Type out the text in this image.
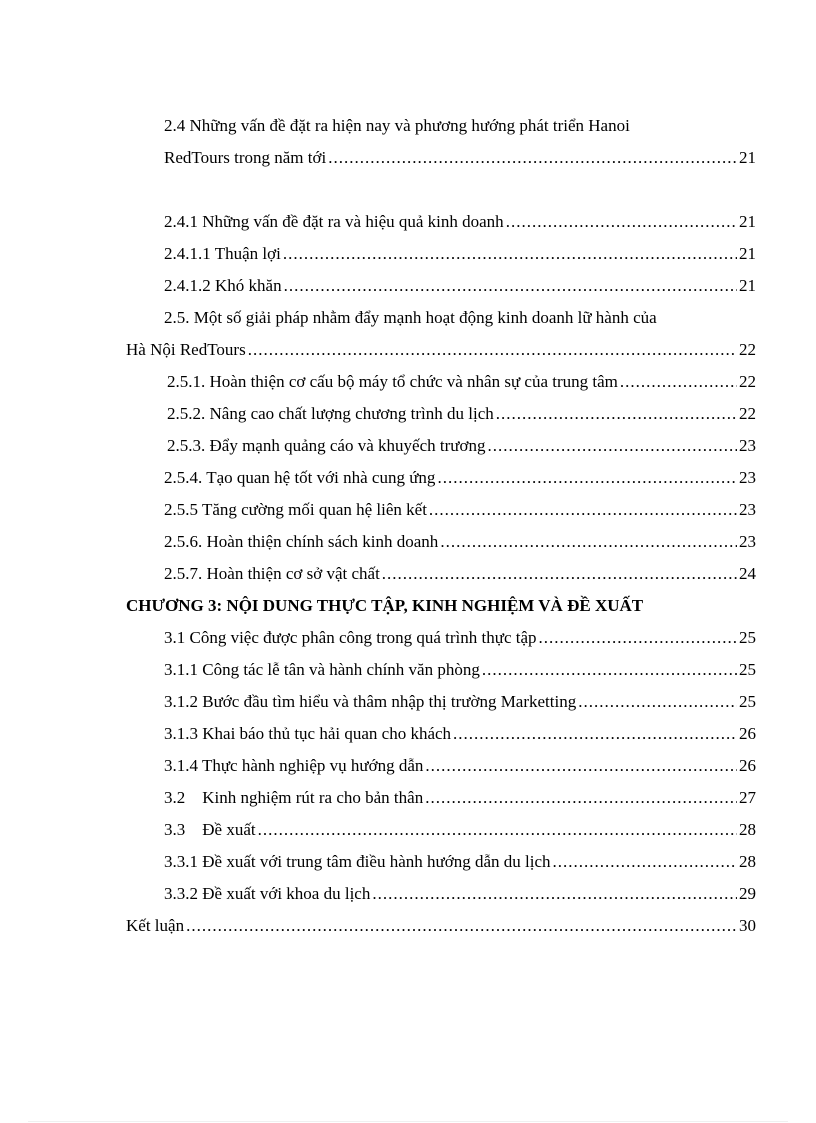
2.4 Những vấn đề đặt ra hiện nay và phương hướng phát triển Hanoi
RedTours trong năm tới .....	21
2.4.1 Những vấn đề đặt ra và hiệu quả kinh doanh .....	21
2.4.1.1 Thuận lợi .....	21
2.4.1.2 Khó khăn .....	21
2.5. Một số giải pháp nhằm đẩy mạnh hoạt động kinh doanh lữ hành của
Hà Nội RedTours .....	22
2.5.1. Hoàn thiện cơ cấu bộ máy tổ chức và nhân sự của trung tâm .....	22
2.5.2. Nâng cao chất lượng chương trình du lịch .....	22
2.5.3. Đẩy mạnh quảng cáo và khuyếch trương .....	23
2.5.4. Tạo quan hệ tốt với nhà cung ứng .....	23
2.5.5 Tăng cường mối quan hệ liên kết .....	23
2.5.6. Hoàn thiện chính sách kinh doanh .....	23
2.5.7. Hoàn thiện cơ sở vật chất .....	24
CHƯƠNG 3: NỘI DUNG THỰC TẬP, KINH NGHIỆM VÀ ĐỀ XUẤT
3.1 Công việc được phân công trong quá trình thực tập .....	25
3.1.1 Công tác lễ tân và hành chính văn phòng .....	25
3.1.2 Bước đầu tìm hiểu và thâm nhập thị trường Marketting .....	25
3.1.3 Khai báo thủ tục hải quan cho khách .....	26
3.1.4 Thực hành nghiệp vụ hướng dẫn .....	26
3.2    Kinh nghiệm rút ra cho bản thân .....	27
3.3    Đề xuất .....	28
3.3.1 Đề xuất với trung tâm điều hành hướng dẫn du lịch .....	28
3.3.2 Đề xuất với khoa du lịch .....	29
Kết luận .....	30
